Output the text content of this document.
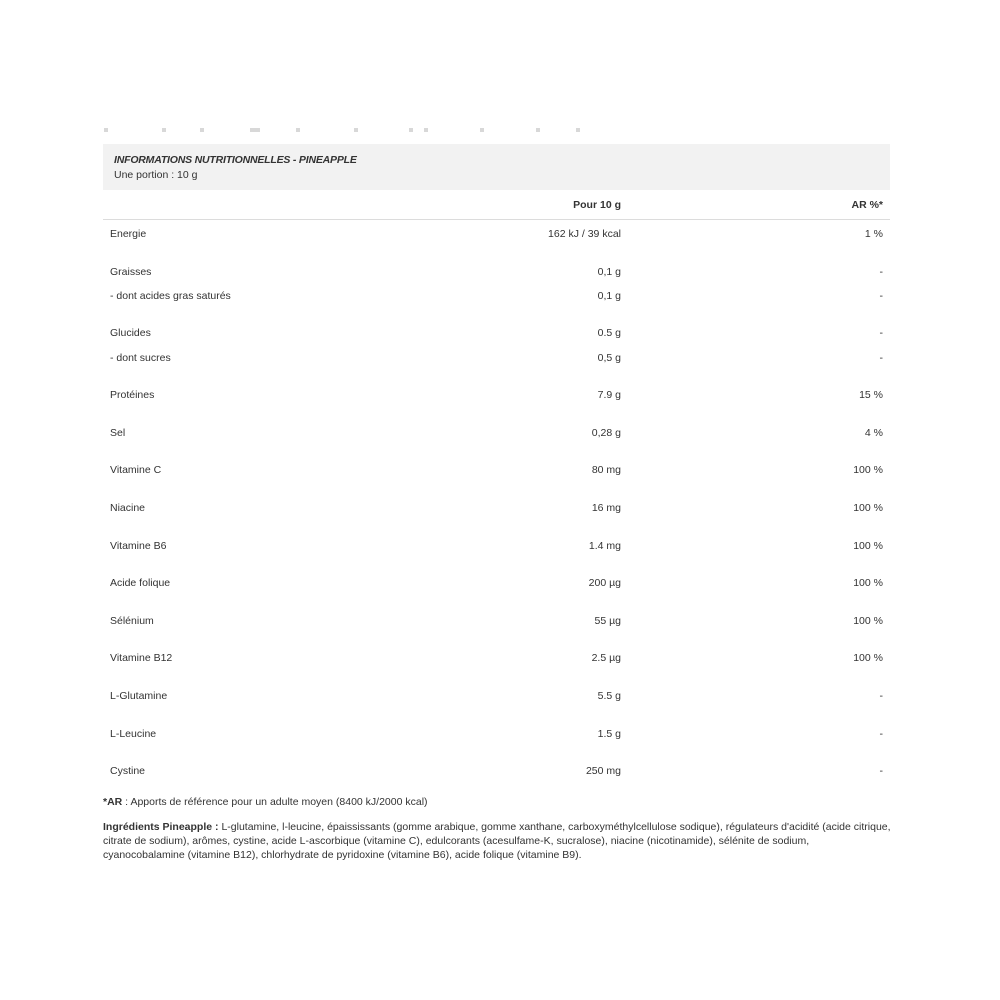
INFORMATIONS NUTRITIONNELLES - PINEAPPLE
Une portion : 10 g
Pour 10 g	AR %*
Energie	162 kJ / 39 kcal	1 %
Graisses	0,1 g	-
- dont acides gras saturés	0,1 g	-
Glucides	0.5 g	-
- dont sucres	0,5 g	-
Protéines	7.9 g	15 %
Sel	0,28 g	4 %
Vitamine C	80 mg	100 %
Niacine	16 mg	100 %
Vitamine B6	1.4 mg	100 %
Acide folique	200 µg	100 %
Sélénium	55 µg	100 %
Vitamine B12	2.5 µg	100 %
L-Glutamine	5.5 g	-
L-Leucine	1.5 g	-
Cystine	250 mg	-
*AR : Apports de référence pour un adulte moyen (8400 kJ/2000 kcal)
Ingrédients Pineapple : L-glutamine, l-leucine, épaississants (gomme arabique, gomme xanthane, carboxyméthylcellulose sodique), régulateurs d'acidité (acide citrique, citrate de sodium), arômes, cystine, acide L-ascorbique (vitamine C), edulcorants (acesulfame-K, sucralose), niacine (nicotinamide), sélénite de sodium, cyanocobalamine (vitamine B12), chlorhydrate de pyridoxine (vitamine B6), acide folique (vitamine B9).
